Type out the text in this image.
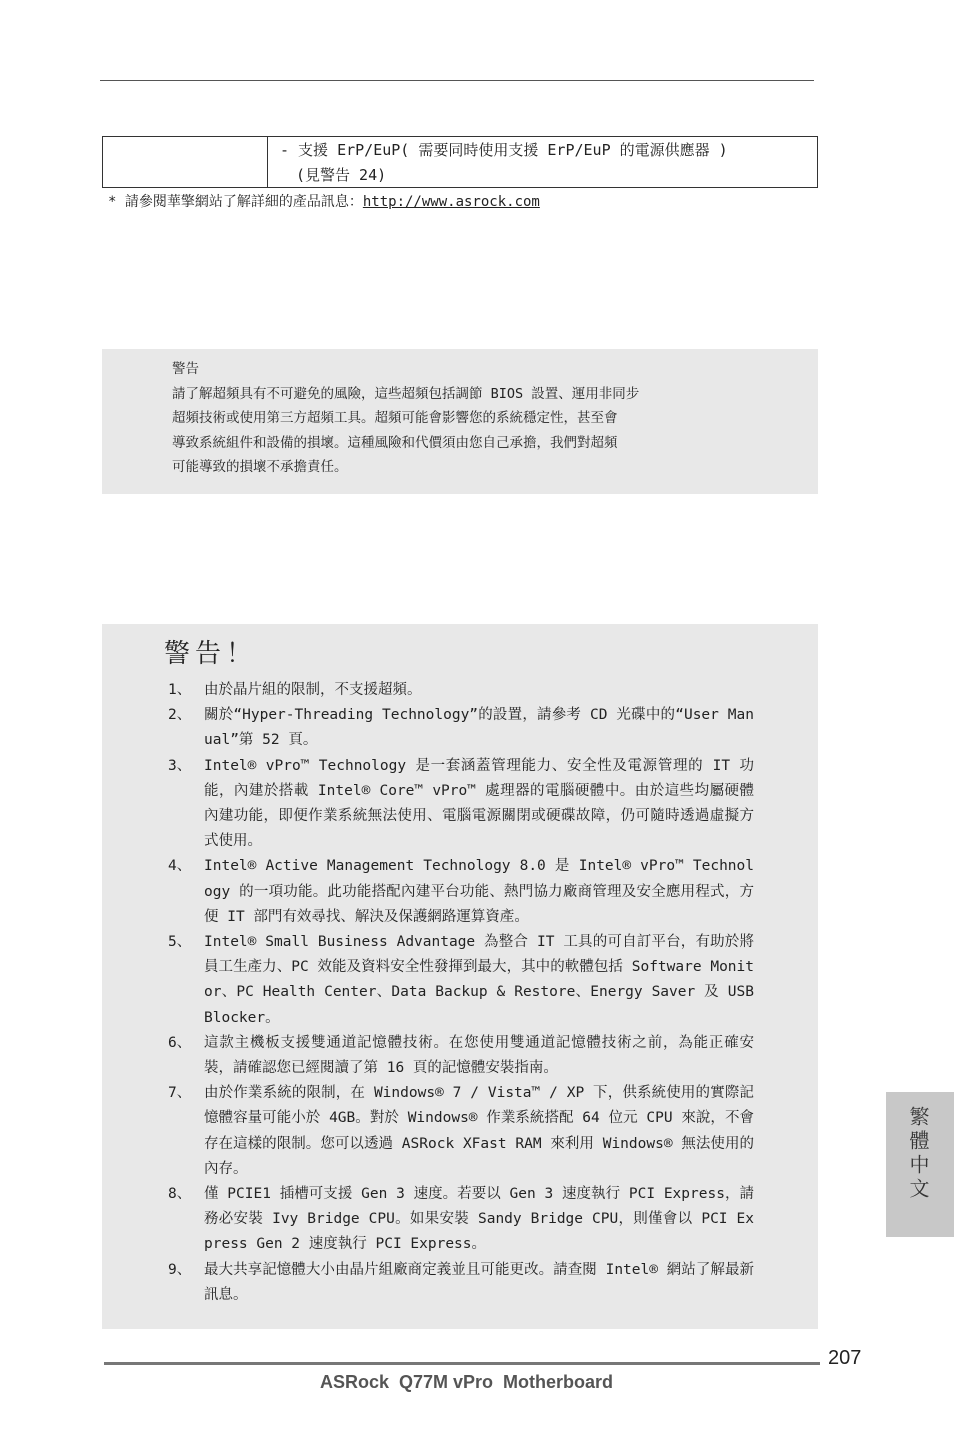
- 支援 ErP/EuP( 需要同時使用支援 ErP/EuP 的電源供應器 )
(見警告 24)
* 請參閱華擎網站了解詳細的產品訊息：http://www.asrock.com
警告
請了解超頻具有不可避免的風險，這些超頻包括調節 BIOS 設置、運用非同步
超頻技術或使用第三方超頻工具。超頻可能會影響您的系統穩定性，甚至會
導致系統組件和設備的損壞。這種風險和代價須由您自己承擔，我們對超頻
可能導致的損壞不承擔責任。
警告！
1、 由於晶片組的限制，不支援超頻。
2、 關於“Hyper-Threading Technology”的設置，請參考 CD 光碟中的“User Manual”第 52 頁。
3、 Intel® vPro™ Technology 是一套涵蓋管理能力、安全性及電源管理的 IT 功能，內建於搭載 Intel® Core™ vPro™ 處理器的電腦硬體中。由於這些均屬硬體內建功能，即便作業系統無法使用、電腦電源關閉或硬碟故障，仍可隨時透過虛擬方式使用。
4、 Intel® Active Management Technology 8.0 是 Intel® vPro™ Technology 的一項功能。此功能搭配內建平台功能、熱門協力廠商管理及安全應用程式，方便 IT 部門有效尋找、解決及保護網路運算資產。
5、 Intel® Small Business Advantage 為整合 IT 工具的可自訂平台，有助於將員工生產力、PC 效能及資料安全性發揮到最大，其中的軟體包括 Software Monitor、PC Health Center、Data Backup & Restore、Energy Saver 及 USB Blocker。
6、 這款主機板支援雙通道記憶體技術。在您使用雙通道記憶體技術之前，為能正確安裝，請確認您已經閱讀了第 16 頁的記憶體安裝指南。
7、 由於作業系統的限制，在 Windows® 7 / Vista™ / XP 下，供系統使用的實際記憶體容量可能小於 4GB。對於 Windows® 作業系統搭配 64 位元 CPU 來說，不會存在這樣的限制。您可以透過 ASRock XFast RAM 來利用 Windows® 無法使用的內存。
8、 僅 PCIE1 插槽可支援 Gen 3 速度。若要以 Gen 3 速度執行 PCI Express，請務必安裝 Ivy Bridge CPU。如果安裝 Sandy Bridge CPU，則僅會以 PCI Express Gen 2 速度執行 PCI Express。
9、 最大共享記憶體大小由晶片組廠商定義並且可能更改。請查閱 Intel® 網站了解最新訊息。
繁體中文
207
ASRock  Q77M vPro  Motherboard
